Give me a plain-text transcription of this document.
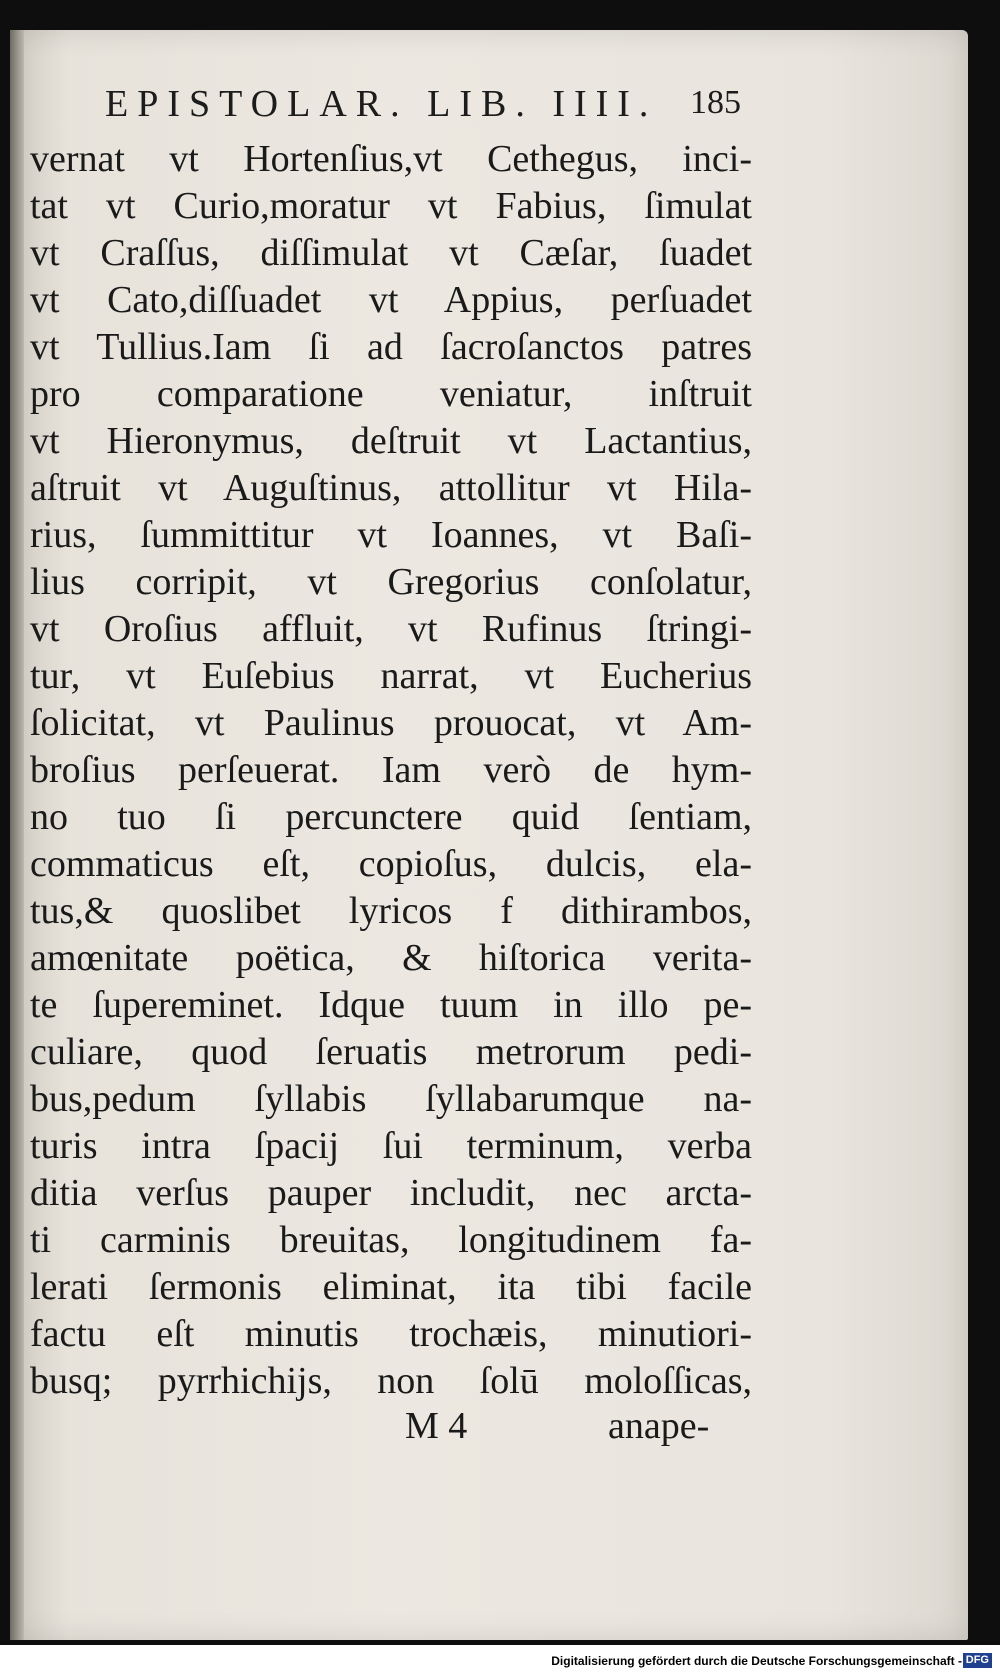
EPISTOLAR. LIB. IIII. 185
vernat vt Hortenſius,vt Cethegus, inci-
tat vt Curio,moratur vt Fabius, ſimulat
vt Craſſus, diſſimulat vt Cæſar, ſuadet
vt Cato,diſſuadet vt Appius, perſuadet
vt Tullius.Iam ſi ad ſacroſanctos patres
pro comparatione veniatur, inſtruit
vt Hieronymus, deſtruit vt Lactantius,
aſtruit vt Auguſtinus, attollitur vt Hila-
rius, ſummittitur vt Ioannes, vt Baſi-
lius corripit, vt Gregorius conſolatur,
vt Oroſius affluit, vt Rufinus ſtringi-
tur, vt Euſebius narrat, vt Eucherius
ſolicitat, vt Paulinus prouocat, vt Am-
broſius perſeuerat. Iam verò de hym-
no tuo ſi percunctere quid ſentiam,
commaticus eſt, copioſus, dulcis, ela-
tus,& quoslibet lyricos f dithirambos,
amœnitate poëtica, & hiſtorica verita-
te ſupereminet. Idque tuum in illo pe-
culiare, quod ſeruatis metrorum pedi-
bus,pedum ſyllabis ſyllabarumque na-
turis intra ſpacij ſui terminum, verba
ditia verſus pauper includit, nec arcta-
ti carminis breuitas, longitudinem fa-
lerati ſermonis eliminat, ita tibi facile
factu eſt minutis trochæis, minutiori-
busq; pyrrhichijs, non ſolū moloſſicas,
M 4	anape-
Digitalisierung gefördert durch die Deutsche Forschungsgemeinschaft - DFG
